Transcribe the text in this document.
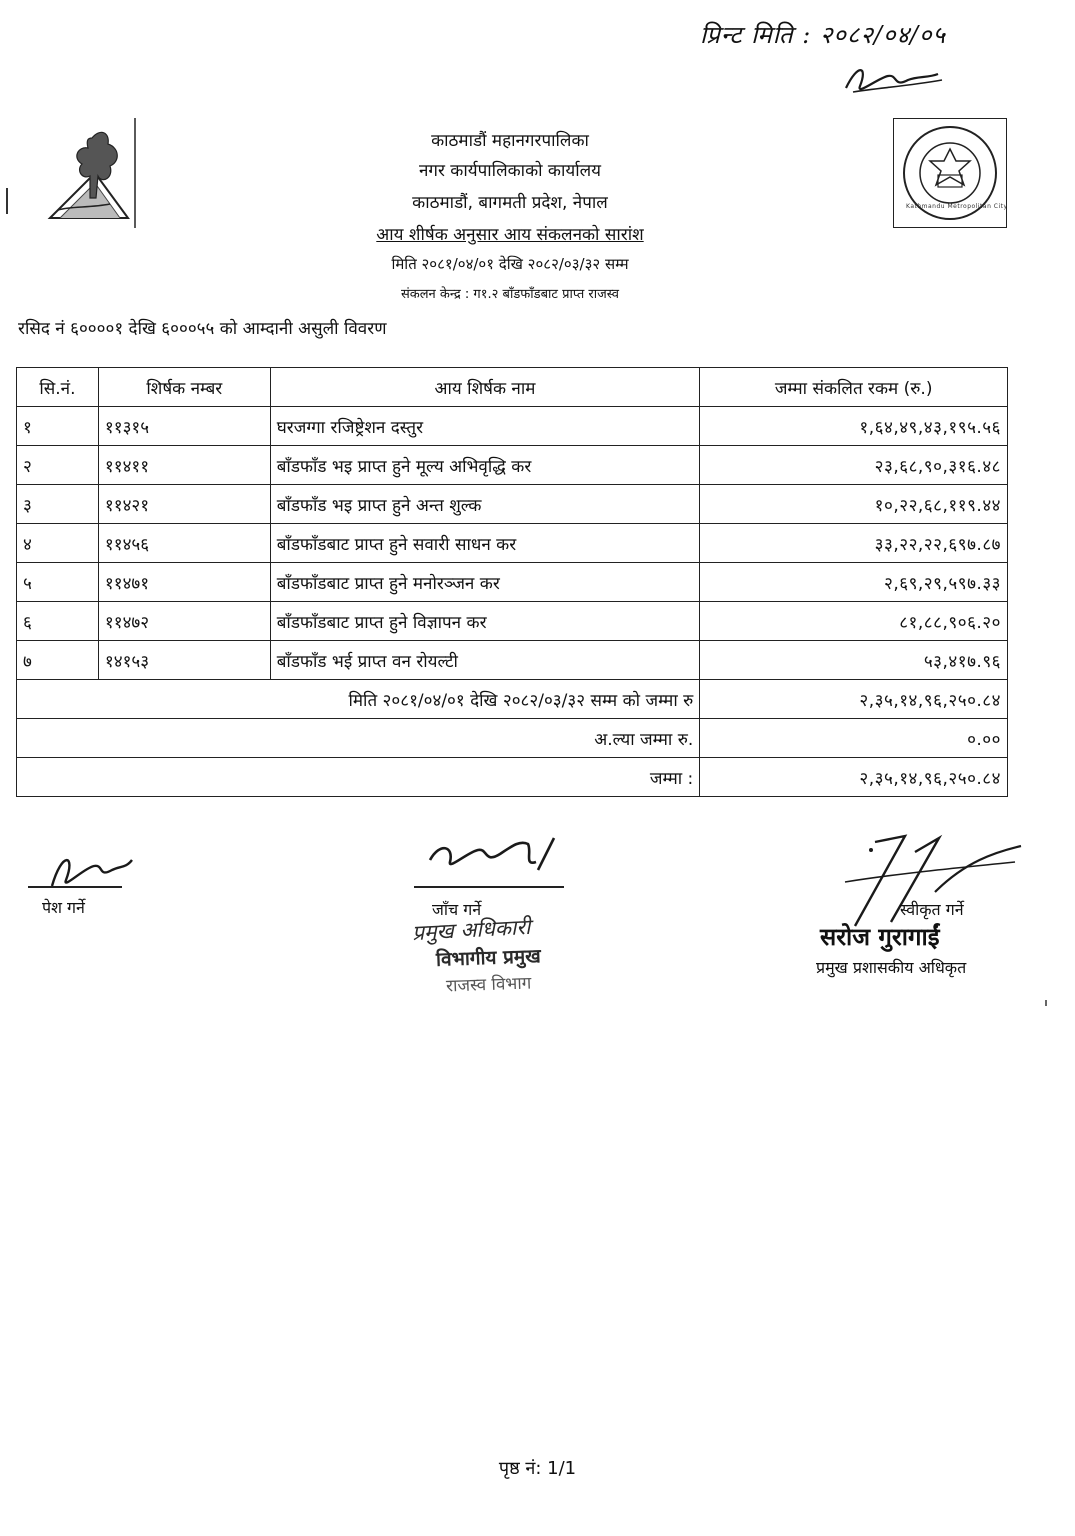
प्रिन्ट मिति : २०८२/०४/०५
Kathmandu Metropolitan City
काठमाडौं महानगरपालिका
नगर कार्यपालिकाको कार्यालय
काठमाडौं, बागमती प्रदेश, नेपाल
आय शीर्षक अनुसार आय संकलनको सारांश
मिति २०८१/०४/०१ देखि २०८२/०३/३२ सम्म
संकलन केन्द्र : ग१.२ बाँडफाँडबाट प्राप्त राजस्व
रसिद नं ६००००१ देखि ६०००५५ को आम्दानी असुली विवरण
सि.नं.	शिर्षक नम्बर	आय शिर्षक नाम	जम्मा संकलित रकम (रु.)
१	११३१५	घरजग्गा रजिष्ट्रेशन दस्तुर	१,६४,४९,४३,१९५.५६
२	११४११	बाँडफाँड भइ प्राप्त हुने मूल्य अभिवृद्धि कर	२३,६८,९०,३१६.४८
३	११४२१	बाँडफाँड भइ प्राप्त हुने अन्त शुल्क	१०,२२,६८,११९.४४
४	११४५६	बाँडफाँडबाट प्राप्त हुने सवारी साधन कर	३३,२२,२२,६९७.८७
५	११४७१	बाँडफाँडबाट प्राप्त हुने मनोरञ्जन कर	२,६९,२९,५९७.३३
६	११४७२	बाँडफाँडबाट प्राप्त हुने विज्ञापन कर	८१,८८,९०६.२०
७	१४१५३	बाँडफाँड भई प्राप्त वन रोयल्टी	५३,४१७.९६
मिति २०८१/०४/०१ देखि २०८२/०३/३२ सम्म को जम्मा रु			२,३५,१४,९६,२५०.८४
अ.ल्या जम्मा रु.			०.००
जम्मा :			२,३५,१४,९६,२५०.८४
पेश गर्ने	जाँच गर्ने
प्रमुख अधिकारी
विभागीय प्रमुख
राजस्व विभाग
स्वीकृत गर्ने
सरोज गुरागाईं
प्रमुख प्रशासकीय अधिकृत
पृष्ठ नं: 1/1
